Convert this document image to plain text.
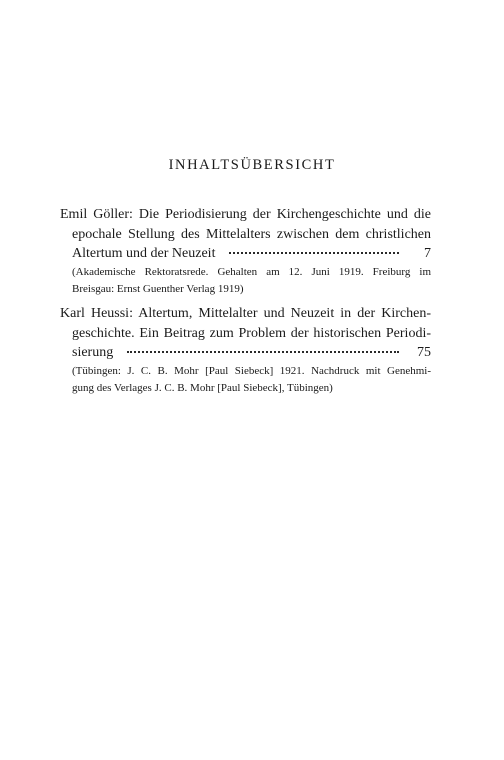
INHALTSÜBERSICHT
Emil Göller: Die Periodisierung der Kirchengeschichte und die
epochale Stellung des Mittelalters zwischen dem christlichen
Altertum und der Neuzeit	7
(Akademische Rektoratsrede. Gehalten am 12. Juni 1919. Freiburg im
Breisgau: Ernst Guenther Verlag 1919)
Karl Heussi: Altertum, Mittelalter und Neuzeit in der Kirchen-
geschichte. Ein Beitrag zum Problem der historischen Periodi-
sierung	75
(Tübingen: J. C. B. Mohr [Paul Siebeck] 1921. Nachdruck mit Genehmi-
gung des Verlages J. C. B. Mohr [Paul Siebeck], Tübingen)
